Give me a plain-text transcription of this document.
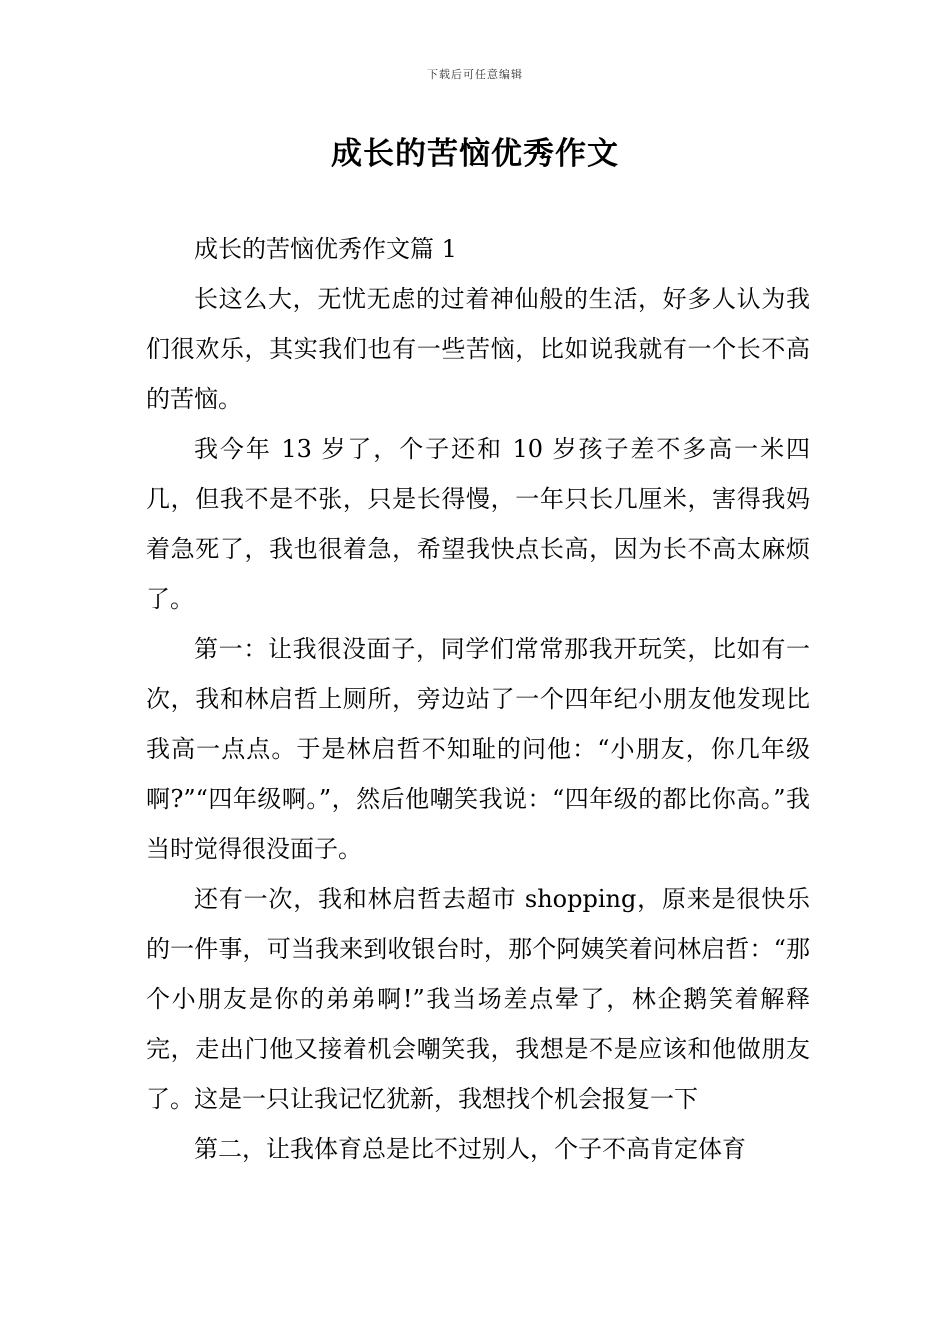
下载后可任意编辑
成长的苦恼优秀作文

成长的苦恼优秀作文篇 1

长这么大，无忧无虑的过着神仙般的生活，好多人认为我们很欢乐，其实我们也有一些苦恼，比如说我就有一个长不高的苦恼。

我今年 13 岁了，个子还和 10 岁孩子差不多高一米四几，但我不是不张，只是长得慢，一年只长几厘米，害得我妈着急死了，我也很着急，希望我快点长高，因为长不高太麻烦了。

第一：让我很没面子，同学们常常那我开玩笑，比如有一次，我和林启哲上厕所，旁边站了一个四年纪小朋友他发现比我高一点点。于是林启哲不知耻的问他：“小朋友，你几年级啊?”“四年级啊。”，然后他嘲笑我说：“四年级的都比你高。”我当时觉得很没面子。

还有一次，我和林启哲去超市 shopping，原来是很快乐的一件事，可当我来到收银台时，那个阿姨笑着问林启哲：“那个小朋友是你的弟弟啊!”我当场差点晕了，林企鹅笑着解释完，走出门他又接着机会嘲笑我，我想是不是应该和他做朋友了。这是一只让我记忆犹新，我想找个机会报复一下

第二，让我体育总是比不过别人，个子不高肯定体育
